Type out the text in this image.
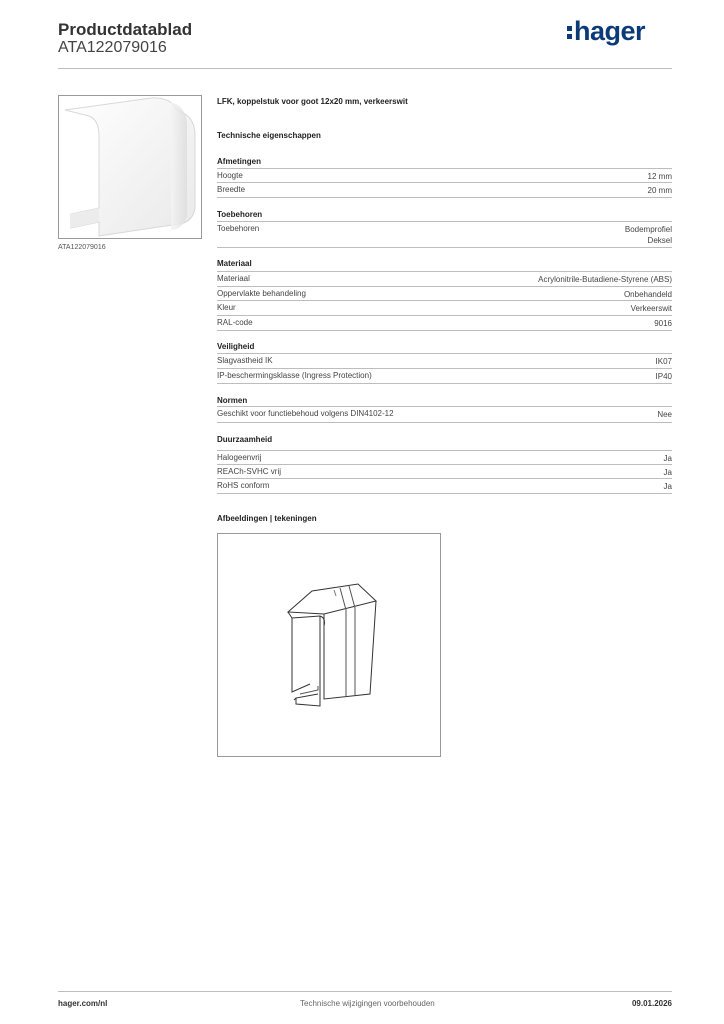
Productdatablad
ATA122079016
hager
ATA122079016
LFK, koppelstuk voor goot 12x20 mm, verkeerswit
Technische eigenschappen
Afmetingen
Hoogte	12 mm
Breedte	20 mm
Toebehoren
Toebehoren	Bodemprofiel
Deksel
Materiaal
Materiaal	Acrylonitrile-Butadiene-Styrene (ABS)
Oppervlakte behandeling	Onbehandeld
Kleur	Verkeerswit
RAL-code	9016
Veiligheid
Slagvastheid IK	IK07
IP-beschermingsklasse (Ingress Protection)	IP40
Normen
Geschikt voor functiebehoud volgens DIN4102-12	Nee
Duurzaamheid
Halogeenvrij	Ja
REACh-SVHC vrij	Ja
RoHS conform	Ja
Afbeeldingen | tekeningen
hager.com/nl	Technische wijzigingen voorbehouden	09.01.2026
